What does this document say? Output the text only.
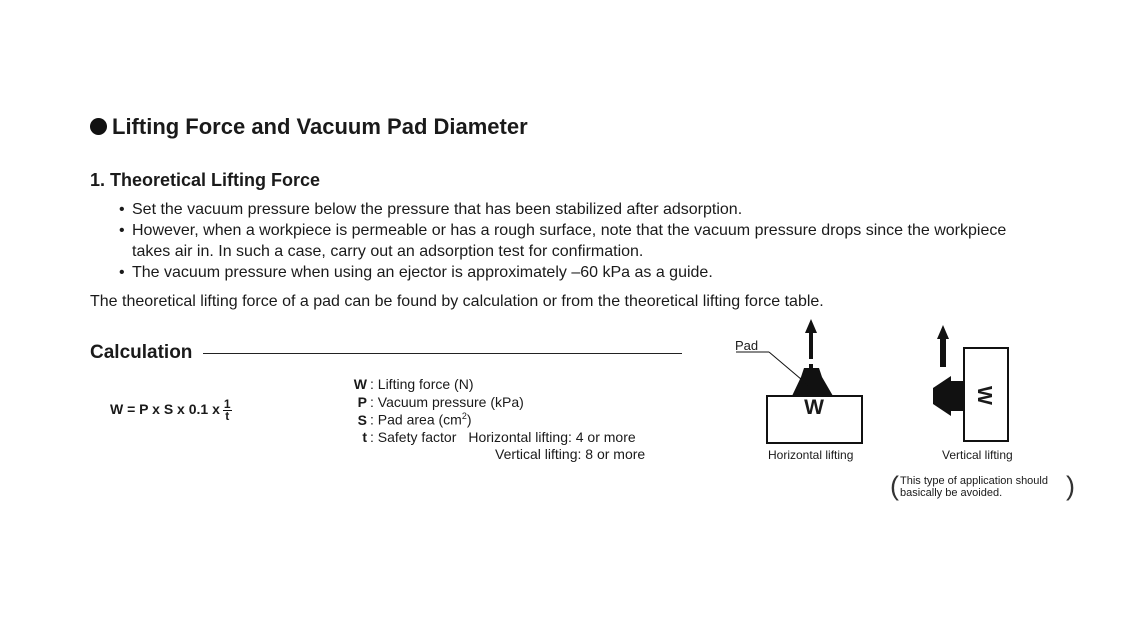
Lifting Force and Vacuum Pad Diameter
1. Theoretical Lifting Force
• Set the vacuum pressure below the pressure that has been stabilized after adsorption.
• However, when a workpiece is permeable or has a rough surface, note that the vacuum pressure drops since the workpiece
takes air in. In such a case, carry out an adsorption test for confirmation.
• The vacuum pressure when using an ejector is approximately –60 kPa as a guide.
The theoretical lifting force of a pad can be found by calculation or from the theoretical lifting force table.
Calculation
W = P x S x 0.1 x $\frac{1}{t}$
W : Lifting force (N)
P : Vacuum pressure (kPa)
S : Pad area $(cm^2)$
t : Safety factor Horizontal lifting: 4 or more
Vertical lifting: 8 or more
Pad
W
Horizontal lifting
W
Vertical lifting
( This type of application should
basically be avoided.	)
